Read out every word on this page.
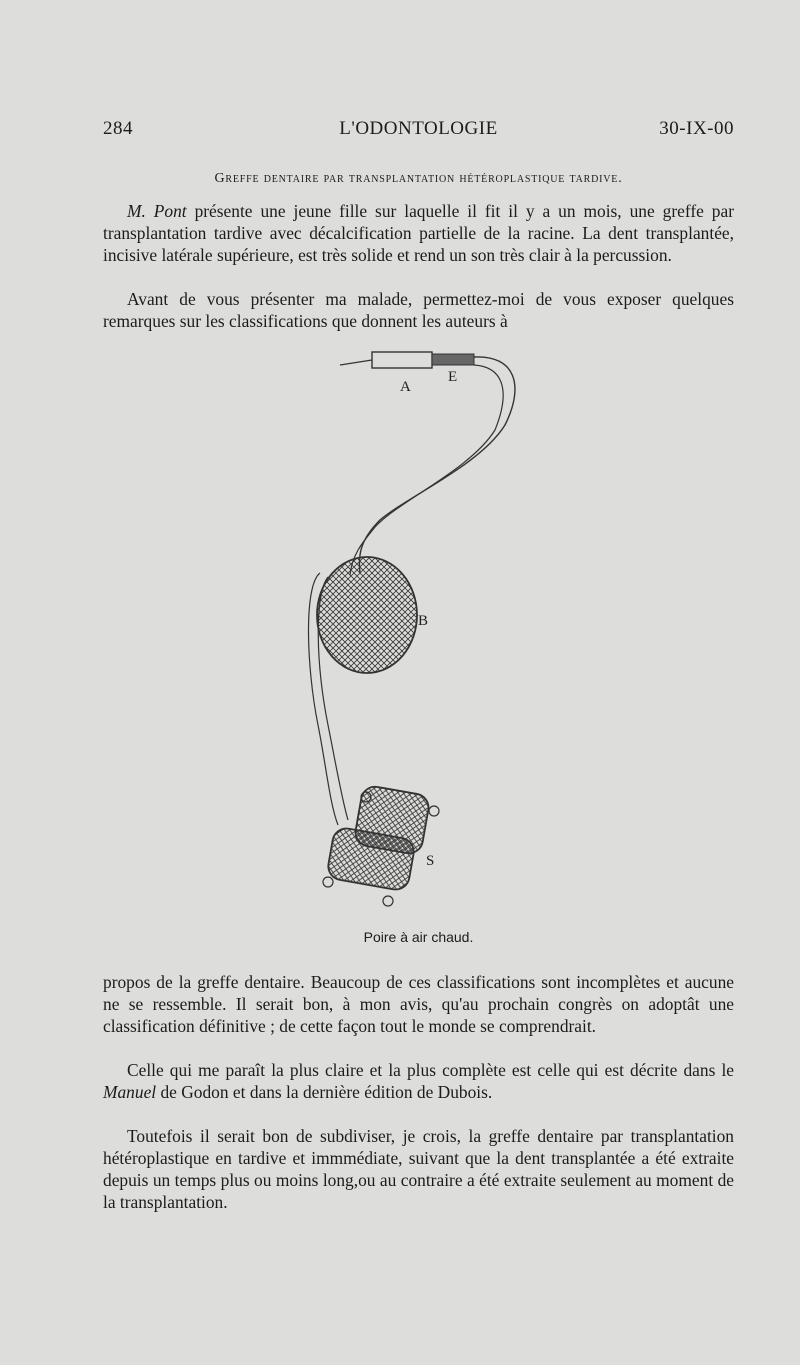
284	L'ODONTOLOGIE	30-IX-00
Greffe dentaire par transplantation hétéroplastique tardive.
M. Pont présente une jeune fille sur laquelle il fit il y a un mois, une greffe par transplantation tardive avec décalcification partielle de la racine. La dent transplantée, incisive latérale supérieure, est très solide et rend un son très clair à la percussion.
Avant de vous présenter ma malade, permettez-moi de vous exposer quelques remarques sur les classifications que donnent les auteurs à
A
E
B
S
Poire à air chaud.
propos de la greffe dentaire. Beaucoup de ces classifications sont incomplètes et aucune ne se ressemble. Il serait bon, à mon avis, qu'au prochain congrès on adoptât une classification définitive ; de cette façon tout le monde se comprendrait.
Celle qui me paraît la plus claire et la plus complète est celle qui est décrite dans le Manuel de Godon et dans la dernière édition de Dubois.
Toutefois il serait bon de subdiviser, je crois, la greffe dentaire par transplantation hétéroplastique en tardive et immmédiate, suivant que la dent transplantée a été extraite depuis un temps plus ou moins long,ou au contraire a été extraite seulement au moment de la transplantation.
